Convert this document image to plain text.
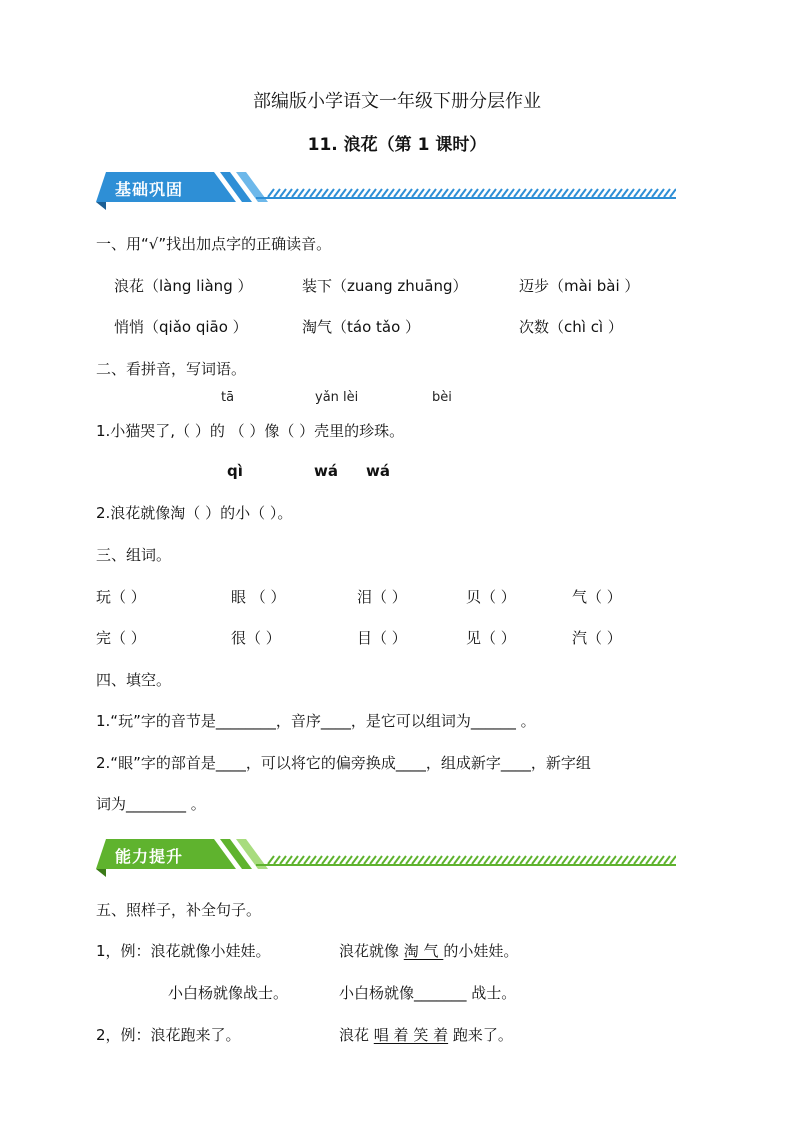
部编版小学语文一年级下册分层作业
11. 浪花（第 1 课时）
基础巩固
一、用“√”找出加点字的正确读音。
浪花（làng liàng ）	装下（zuang zhuāng）	迈步（mài bài ）
悄悄（qiǎo qiāo ）	淘气（táo tǎo ）	次数（chì cì ）
二、看拼音，写词语。
tā	yǎn lèi	bèi
1.小猫哭了,（ ）的 （ ）像（ ）壳里的珍珠。
qì	wá wá
2.浪花就像淘（ ）的小（ ）。
三、组词。
玩（ ）	眼 （ ）	泪（ ）	贝（ ）	气（ ）
完（ ）	很（ ）	目（ ）	见（ ）	汽（ ）
四、填空。
1.“玩”字的音节是________，音序____，是它可以组词为______ 。
2.“眼”字的部首是____，可以将它的偏旁换成____，组成新字____，新字组
词为________ 。
能力提升
五、照样子，补全句子。
1，例：浪花就像小娃娃。	浪花就像 淘 气 的小娃娃。
小白杨就像战士。	小白杨就像_______ 战士。
2，例：浪花跑来了。	浪花 唱 着 笑 着 跑来了。
